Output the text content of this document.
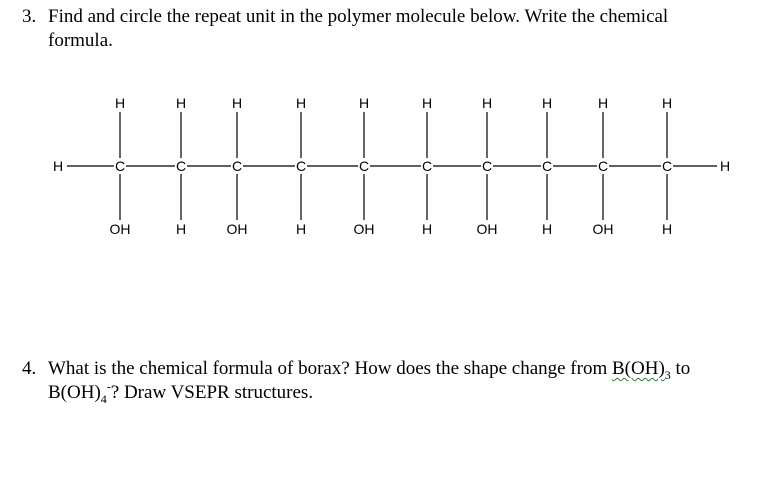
3. Find and circle the repeat unit in the polymer molecule below. Write the chemical
formula.
H	H
C
H
OH
C
H
H
C
H
OH
C
H
H
C
H
OH
C
H
H
C
H
OH
C
H
H
C
H
OH
C
H
H
4. What is the chemical formula of borax? How does the shape change from $B(OH)_3$ to
$B(OH)_4^-$? Draw VSEPR structures.
